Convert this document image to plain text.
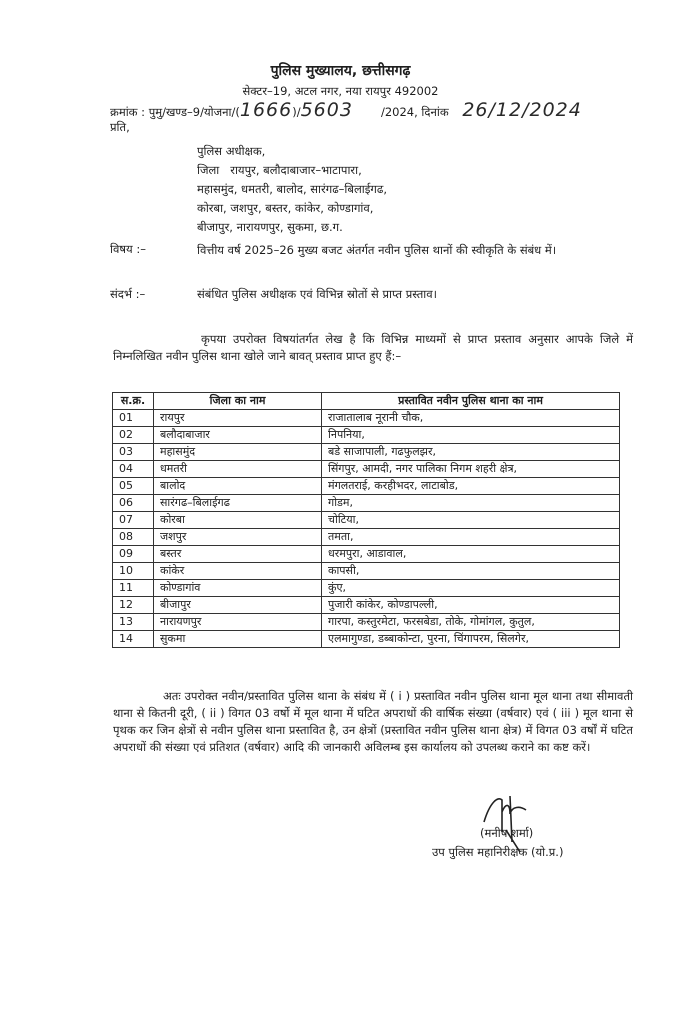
पुलिस मुख्यालय, छत्तीसगढ़
सेक्टर–19, अटल नगर, नया रायपुर 492002
क्रमांक : पुमु/खण्ड–9/योजना/(1666)/5603 /2024, दिनांक 26/12/2024
प्रति,
पुलिस अधीक्षक,
जिला   रायपुर, बलौदाबाजार–भाटापारा,
महासमुंद, धमतरी, बालोद, सारंगढ–बिलाईगढ,
कोरबा, जशपुर, बस्तर, कांकेर, कोण्डागांव,
बीजापुर, नारायणपुर, सुकमा, छ.ग.
विषय :–	वित्तीय वर्ष 2025–26 मुख्य बजट अंतर्गत नवीन पुलिस थानों की स्वीकृति के संबंध में।
संदर्भ :–	संबंधित पुलिस अधीक्षक एवं विभिन्न स्रोतों से प्राप्त प्रस्ताव।
कृपया उपरोक्त विषयांतर्गत लेख है कि विभिन्न माध्यमों से प्राप्त प्रस्ताव अनुसार आपके जिले में निम्नलिखित नवीन पुलिस थाना खोले जाने बावत् प्रस्ताव प्राप्त हुए हैं:–
स.क्र.	जिला का नाम	प्रस्तावित नवीन पुलिस थाना का नाम
01	रायपुर	राजातालाब नूरानी चौक,
02	बलौदाबाजार	निपनिया,
03	महासमुंद	बडे साजापाली, गढफुलझर,
04	धमतरी	सिंगपुर, आमदी, नगर पालिका निगम शहरी क्षेत्र,
05	बालोद	मंगलतराई, करहीभदर, लाटाबोड,
06	सारंगढ–बिलाईगढ	गोडम,
07	कोरबा	चोटिया,
08	जशपुर	तमता,
09	बस्तर	धरमपुरा, आडावाल,
10	कांकेर	कापसी,
11	कोण्डागांव	कुंए,
12	बीजापुर	पुजारी कांकेर, कोण्डापल्ली,
13	नारायणपुर	गारपा, कस्तुरमेटा, फरसबेडा, तोके, गोमांगल, कुतुल,
14	सुकमा	एलमागुण्डा, डब्बाकोन्टा, पुरना, चिंगापरम, सिलगेर,
अतः उपरोक्त नवीन/प्रस्तावित पुलिस थाना के संबंध में ( i ) प्रस्तावित नवीन पुलिस थाना मूल थाना तथा सीमावती थाना से कितनी दूरी, ( ii ) विगत 03 वर्षो में मूल थाना में घटित अपराधों की वार्षिक संख्या (वर्षवार) एवं ( iii ) मूल थाना से पृथक कर जिन क्षेत्रों से नवीन पुलिस थाना प्रस्तावित है, उन क्षेत्रों (प्रस्तावित नवीन पुलिस थाना क्षेत्र) में विगत 03 वर्षों में घटित अपराधों की संख्या एवं प्रतिशत (वर्षवार) आदि की जानकारी अविलम्ब इस कार्यालय को उपलब्ध कराने का कष्ट करें।
(मनीष शर्मा)
उप पुलिस महानिरीक्षक (यो.प्र.)
